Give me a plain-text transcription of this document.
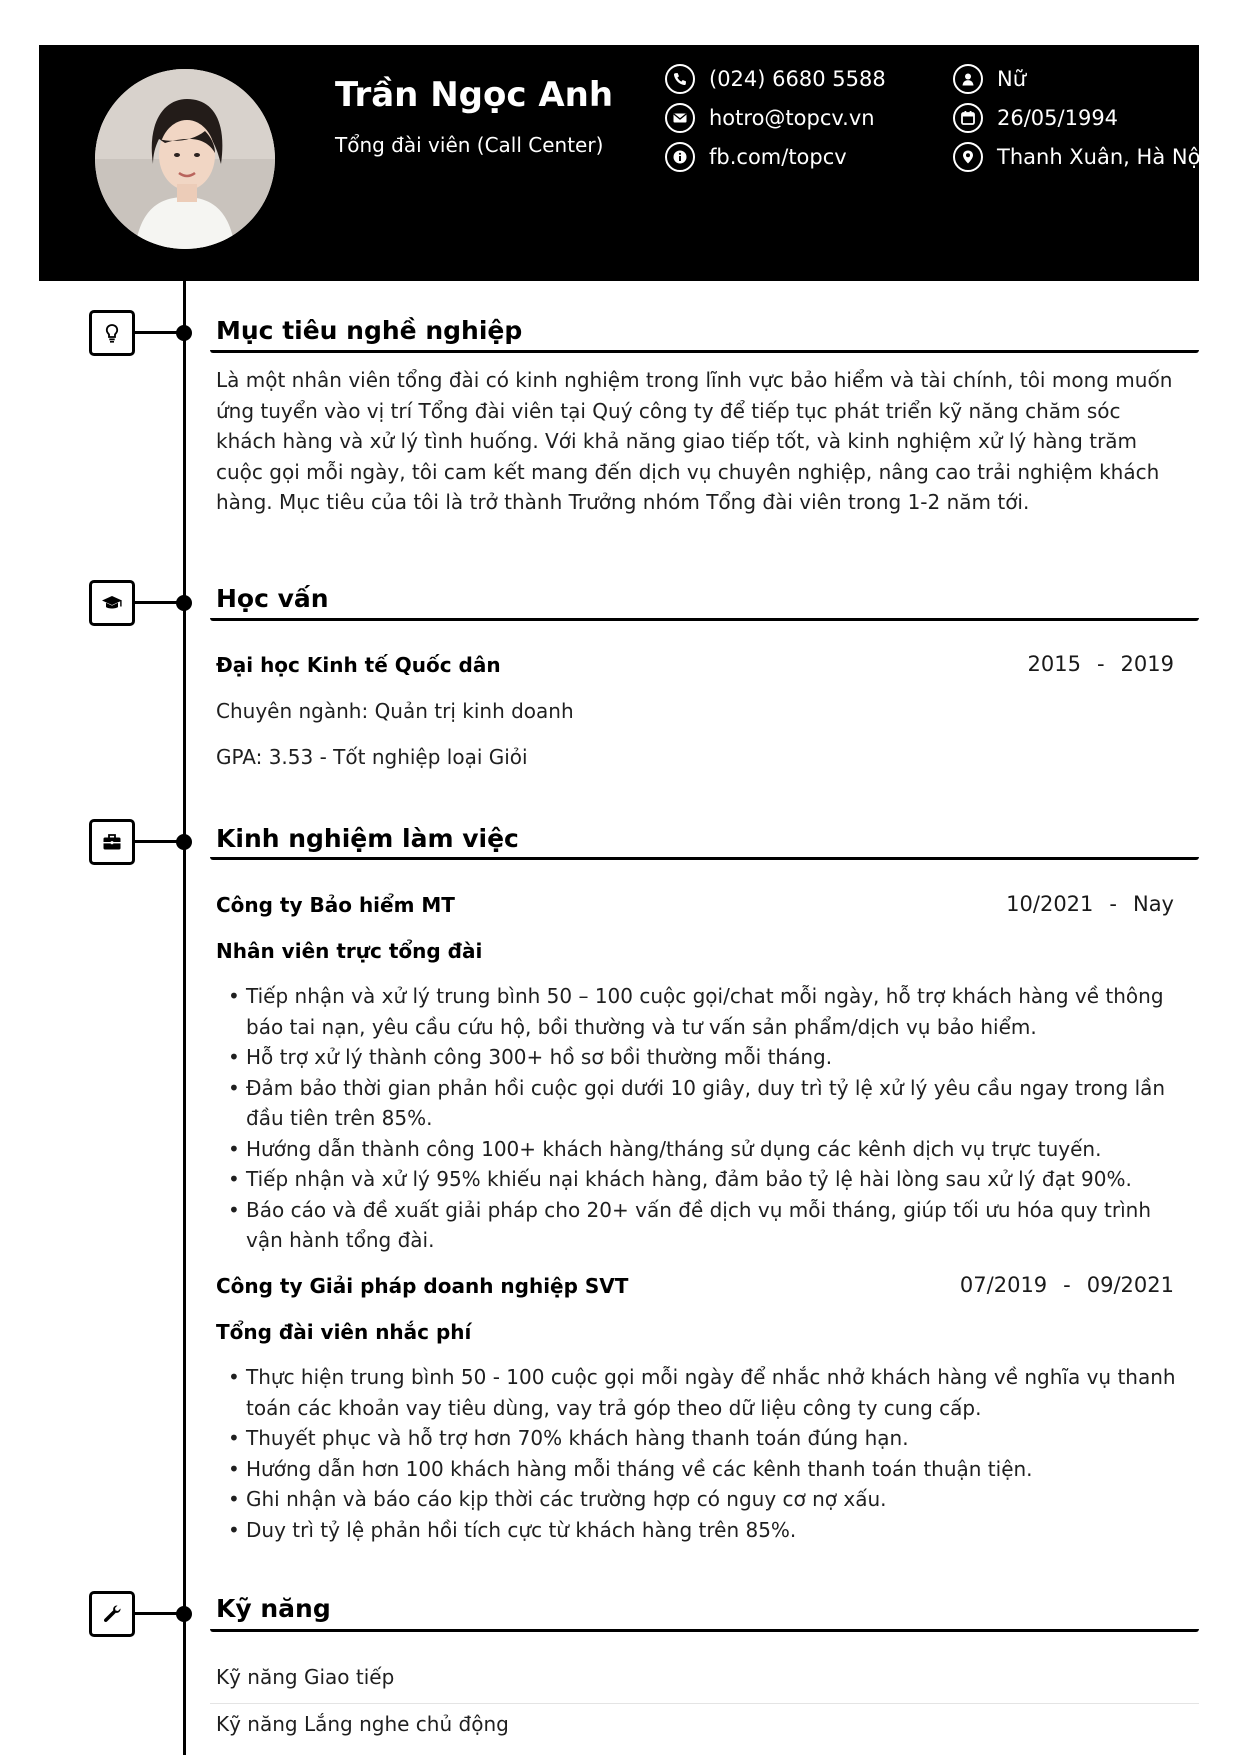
Trần Ngọc Anh
Tổng đài viên (Call Center)
(024) 6680 5588
hotro@topcv.vn
fb.com/topcv
Nữ
26/05/1994
Thanh Xuân, Hà Nội
Mục tiêu nghề nghiệp
Là một nhân viên tổng đài có kinh nghiệm trong lĩnh vực bảo hiểm và tài chính, tôi mong muốn ứng tuyển vào vị trí Tổng đài viên tại Quý công ty để tiếp tục phát triển kỹ năng chăm sóc khách hàng và xử lý tình huống. Với khả năng giao tiếp tốt, và kinh nghiệm xử lý hàng trăm cuộc gọi mỗi ngày, tôi cam kết mang đến dịch vụ chuyên nghiệp, nâng cao trải nghiệm khách hàng. Mục tiêu của tôi là trở thành Trưởng nhóm Tổng đài viên trong 1-2 năm tới.
Học vấn
Đại học Kinh tế Quốc dân	2015 - 2019
Chuyên ngành: Quản trị kinh doanh
GPA: 3.53 - Tốt nghiệp loại Giỏi
Kinh nghiệm làm việc
Công ty Bảo hiểm MT	10/2021 - Nay
Nhân viên trực tổng đài
• Tiếp nhận và xử lý trung bình 50 – 100 cuộc gọi/chat mỗi ngày, hỗ trợ khách hàng về thông báo tai nạn, yêu cầu cứu hộ, bồi thường và tư vấn sản phẩm/dịch vụ bảo hiểm.
• Hỗ trợ xử lý thành công 300+ hồ sơ bồi thường mỗi tháng.
• Đảm bảo thời gian phản hồi cuộc gọi dưới 10 giây, duy trì tỷ lệ xử lý yêu cầu ngay trong lần đầu tiên trên 85%.
• Hướng dẫn thành công 100+ khách hàng/tháng sử dụng các kênh dịch vụ trực tuyến.
• Tiếp nhận và xử lý 95% khiếu nại khách hàng, đảm bảo tỷ lệ hài lòng sau xử lý đạt 90%.
• Báo cáo và đề xuất giải pháp cho 20+ vấn đề dịch vụ mỗi tháng, giúp tối ưu hóa quy trình vận hành tổng đài.
Công ty Giải pháp doanh nghiệp SVT	07/2019 - 09/2021
Tổng đài viên nhắc phí
• Thực hiện trung bình 50 - 100 cuộc gọi mỗi ngày để nhắc nhở khách hàng về nghĩa vụ thanh toán các khoản vay tiêu dùng, vay trả góp theo dữ liệu công ty cung cấp.
• Thuyết phục và hỗ trợ hơn 70% khách hàng thanh toán đúng hạn.
• Hướng dẫn hơn 100 khách hàng mỗi tháng về các kênh thanh toán thuận tiện.
• Ghi nhận và báo cáo kịp thời các trường hợp có nguy cơ nợ xấu.
• Duy trì tỷ lệ phản hồi tích cực từ khách hàng trên 85%.
Kỹ năng
Kỹ năng Giao tiếp
Kỹ năng Lắng nghe chủ động
